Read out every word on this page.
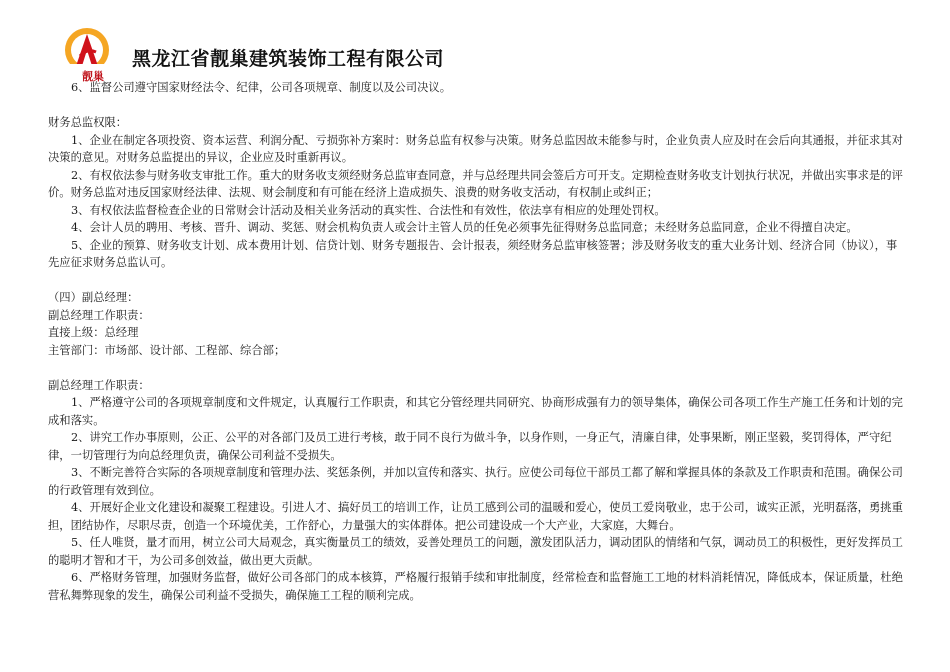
靓巢
黑龙江省靓巢建筑装饰工程有限公司

6、监督公司遵守国家财经法令、纪律，公司各项规章、制度以及公司决议。

财务总监权限：

1、企业在制定各项投资、资本运营、利润分配、亏损弥补方案时：财务总监有权参与决策。财务总监因故未能参与时，企业负责人应及时在会后向其通报，并征求其对决策的意见。对财务总监提出的异议，企业应及时重新再议。

2、有权依法参与财务收支审批工作。重大的财务收支须经财务总监审查同意，并与总经理共同会签后方可开支。定期检查财务收支计划执行状况，并做出实事求是的评价。财务总监对违反国家财经法律、法规、财会制度和有可能在经济上造成损失、浪费的财务收支活动，有权制止或纠正；

3、有权依法监督检查企业的日常财会计活动及相关业务活动的真实性、合法性和有效性，依法享有相应的处理处罚权。

4、会计人员的聘用、考核、晋升、调动、奖惩、财会机构负责人或会计主管人员的任免必须事先征得财务总监同意；未经财务总监同意，企业不得擅自决定。

5、企业的预算、财务收支计划、成本费用计划、信贷计划、财务专题报告、会计报表，须经财务总监审核签署；涉及财务收支的重大业务计划、经济合同（协议），事先应征求财务总监认可。

（四）副总经理：

副总经理工作职责：

直接上级：总经理

主管部门：市场部、设计部、工程部、综合部；

副总经理工作职责：

1、严格遵守公司的各项规章制度和文件规定，认真履行工作职责，和其它分管经理共同研究、协商形成强有力的领导集体，确保公司各项工作生产施工任务和计划的完成和落实。

2、讲究工作办事原则，公正、公平的对各部门及员工进行考核，敢于同不良行为做斗争，以身作则，一身正气，清廉自律，处事果断，刚正坚毅，奖罚得体，严守纪律，一切管理行为向总经理负责，确保公司利益不受损失。

3、不断完善符合实际的各项规章制度和管理办法、奖惩条例，并加以宣传和落实、执行。应使公司每位干部员工都了解和掌握具体的条款及工作职责和范围。确保公司的行政管理有效到位。

4、开展好企业文化建设和凝聚工程建设。引进人才、搞好员工的培训工作，让员工感到公司的温暖和爱心，使员工爱岗敬业，忠于公司，诚实正派，光明磊落，勇挑重担，团结协作，尽职尽责，创造一个环境优美，工作舒心，力量强大的实体群体。把公司建设成一个大产业，大家庭，大舞台。

5、任人唯贤，量才而用，树立公司大局观念，真实衡量员工的绩效，妥善处理员工的问题，激发团队活力，调动团队的情绪和气氛，调动员工的积极性，更好发挥员工的聪明才智和才干，为公司多创效益，做出更大贡献。

6、严格财务管理，加强财务监督，做好公司各部门的成本核算，严格履行报销手续和审批制度，经常检查和监督施工工地的材料消耗情况，降低成本，保证质量，杜绝营私舞弊现象的发生，确保公司利益不受损失，确保施工工程的顺利完成。
